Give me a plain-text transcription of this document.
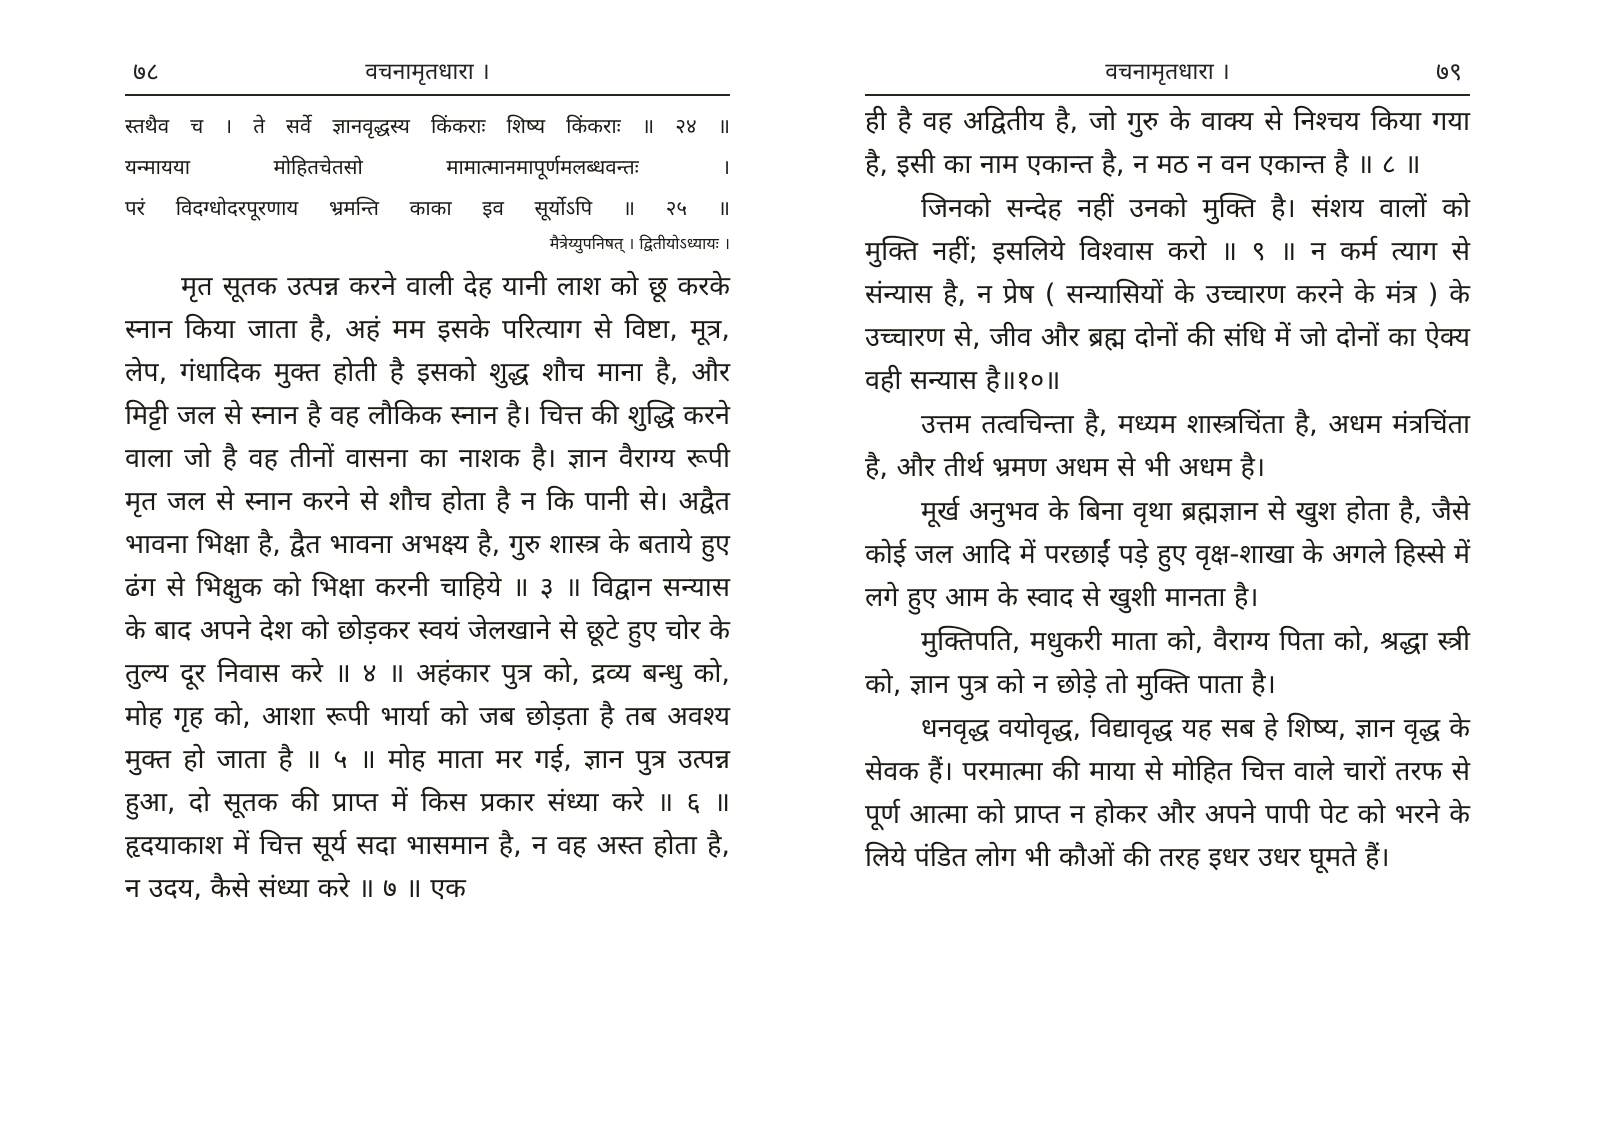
७८	वचनामृतधारा ।
स्तथैव च । ते सर्वे ज्ञानवृद्धस्य किंकराः शिष्य किंकराः ॥ २४ ॥
यन्मायया मोहितचेतसो मामात्मानमापूर्णमलब्धवन्तः ।
परं विदग्धोदरपूरणाय भ्रमन्ति काका इव सूर्योऽपि ॥ २५ ॥
मैत्रेय्युपनिषत् । द्वितीयोऽध्यायः ।

मृत सूतक उत्पन्न करने वाली देह यानी लाश को छू करके स्नान किया जाता है, अहं मम इसके परित्याग से विष्टा, मूत्र, लेप, गंधादिक मुक्त होती है इसको शुद्ध शौच माना है, और मिट्टी जल से स्नान है वह लौकिक स्नान है। चित्त की शुद्धि करने वाला जो है वह तीनों वासना का नाशक है। ज्ञान वैराग्य रूपी मृत जल से स्नान करने से शौच होता है न कि पानी से। अद्वैत भावना भिक्षा है, द्वैत भावना अभक्ष्य है, गुरु शास्त्र के बताये हुए ढंग से भिक्षुक को भिक्षा करनी चाहिये ॥ ३ ॥ विद्वान सन्यास के बाद अपने देश को छोड़कर स्वयं जेलखाने से छूटे हुए चोर के तुल्य दूर निवास करे ॥ ४ ॥ अहंकार पुत्र को, द्रव्य बन्धु को, मोह गृह को, आशा रूपी भार्या को जब छोड़ता है तब अवश्य मुक्त हो जाता है ॥ ५ ॥ मोह माता मर गई, ज्ञान पुत्र उत्पन्न हुआ, दो सूतक की प्राप्त में किस प्रकार संध्या करे ॥ ६ ॥ हृदयाकाश में चित्त सूर्य सदा भासमान है, न वह अस्त होता है, न उदय, कैसे संध्या करे ॥ ७ ॥ एक

वचनामृतधारा ।	७९

ही है वह अद्वितीय है, जो गुरु के वाक्य से निश्चय किया गया है, इसी का नाम एकान्त है, न मठ न वन एकान्त है ॥ ८ ॥

जिनको सन्देह नहीं उनको मुक्ति है। संशय वालों को मुक्ति नहीं; इसलिये विश्वास करो ॥ ९ ॥ न कर्म त्याग से संन्यास है, न प्रेष ( सन्यासियों के उच्चारण करने के मंत्र ) के उच्चारण से, जीव और ब्रह्म दोनों की संधि में जो दोनों का ऐक्य वही सन्यास है॥१०॥

उत्तम तत्वचिन्ता है, मध्यम शास्त्रचिंता है, अधम मंत्रचिंता है, और तीर्थ भ्रमण अधम से भी अधम है।

मूर्ख अनुभव के बिना वृथा ब्रह्मज्ञान से खुश होता है, जैसे कोई जल आदि में परछाईं पड़े हुए वृक्ष-शाखा के अगले हिस्से में लगे हुए आम के स्वाद से खुशी मानता है।

मुक्तिपति, मधुकरी माता को, वैराग्य पिता को, श्रद्धा स्त्री को, ज्ञान पुत्र को न छोड़े तो मुक्ति पाता है।

धनवृद्ध वयोवृद्ध, विद्यावृद्ध यह सब हे शिष्य, ज्ञान वृद्ध के सेवक हैं। परमात्मा की माया से मोहित चित्त वाले चारों तरफ से पूर्ण आत्मा को प्राप्त न होकर और अपने पापी पेट को भरने के लिये पंडित लोग भी कौओं की तरह इधर उधर घूमते हैं।
